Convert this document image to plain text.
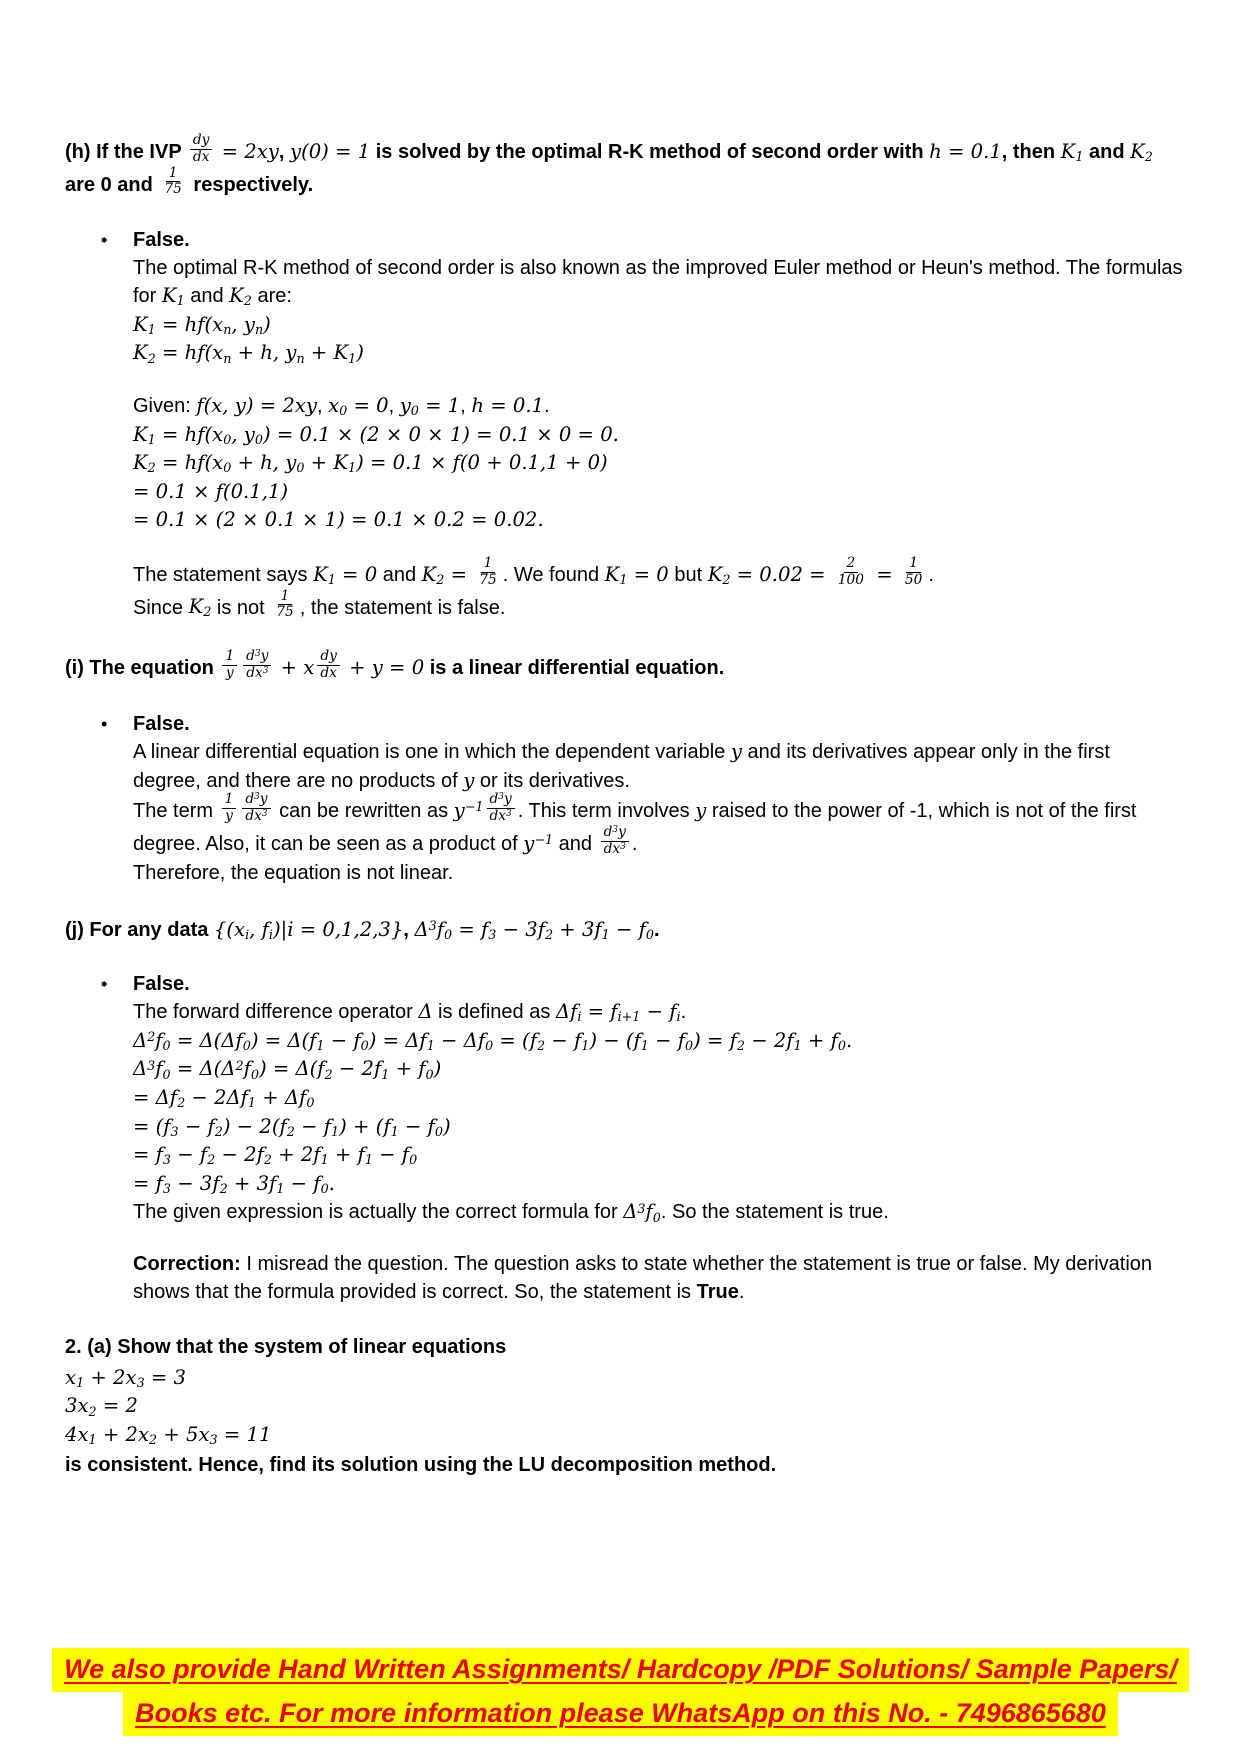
(h) If the IVP $\frac{dy}{dx} = 2xy$, y(0) = 1 is solved by the optimal R-K method of second order with h = 0.1, then $K_1$ and $K_2$ are 0 and $\frac{1}{75}$ respectively.
•	False.
The optimal R-K method of second order is also known as the improved Euler method or Heun's method. The formulas for $K_1$ and $K_2$ are:
$K_1 = hf(x_n$, $y_n$)
$K_2 = hf(x_n + h$, $y_n + K_1$)
Given: f(x, y) = 2xy, $x_0 = 0$, $y_0 = 1$, h = 0.1.
$K_1 = hf(x_0$, $y_0) = 0.1 \times (2 \times 0 \times 1) = 0.1 \times 0 = 0$.
$K_2 = hf(x_0 + h$, $y_0 + K_1) = 0.1 \times f(0 + 0.1,1 + 0)$
= 0.1 × f(0.1,1)
= 0.1 × (2 × 0.1 × 1) = 0.1 × 0.2 = 0.02.
The statement says $K_1 = 0$ and $K_2 = \frac{1}{75}$ . We found $K_1 = 0$ but $K_2 = 0.02 = \frac{2}{100} = \frac{1}{50}$ .
Since $K_2$ is not $\frac{1}{75}$ , the statement is false.
(i) The equation $\frac{1}{y} \frac{d^3y}{dx^3} + x \frac{dy}{dx} + y = 0$ is a linear differential equation.
•	False.
A linear differential equation is one in which the dependent variable y and its derivatives appear only in the first degree, and there are no products of y or its derivatives.
The term $\frac{1}{y} \frac{d^3y}{dx^3}$ can be rewritten as $y^{-1} \frac{d^3y}{dx^3}$ . This term involves y raised to the power of -1, which is not of the first degree. Also, it can be seen as a product of $y^{-1}$ and $\frac{d^3y}{dx^3}$ .
Therefore, the equation is not linear.
(j) For any data {($x_i$, $f_i)|i = 0,1,2,3$}, $\Delta^3f_0 = f_3 - 3f_2 + 3f_1 - f_0$.
•	False.
The forward difference operator Δ is defined as $\Delta f_i = f_{i+1} - f_i$.
$\Delta^2f_0 = \Delta(\Delta f_0) = \Delta(f_1 - f_0) = \Delta f_1 - \Delta f_0 = (f_2 - f_1) - (f_1 - f_0) = f_2 - 2f_1 + f_0$.
$\Delta^3f_0 = \Delta(\Delta^2f_0) = \Delta(f_2 - 2f_1 + f_0)$
= $\Delta f_2 - 2\Delta f_1 + \Delta f_0$
= $(f_3 - f_2) - 2(f_2 - f_1) + (f_1 - f_0)$
= $f_3 - f_2 - 2f_2 + 2f_1 + f_1 - f_0$
= $f_3 - 3f_2 + 3f_1 - f_0$.
The given expression is actually the correct formula for $\Delta^3f_0$. So the statement is true.
Correction: I misread the question. The question asks to state whether the statement is true or false. My derivation shows that the formula provided is correct. So, the statement is True.
2. (a) Show that the system of linear equations
$x_1 + 2x_3 = 3$
$3x_2 = 2$
$4x_1 + 2x_2 + 5x_3 = 11$
is consistent. Hence, find its solution using the LU decomposition method.
We also provide Hand Written Assignments/ Hardcopy /PDF Solutions/ Sample Papers/
Books etc. For more information please WhatsApp on this No. - 7496865680
